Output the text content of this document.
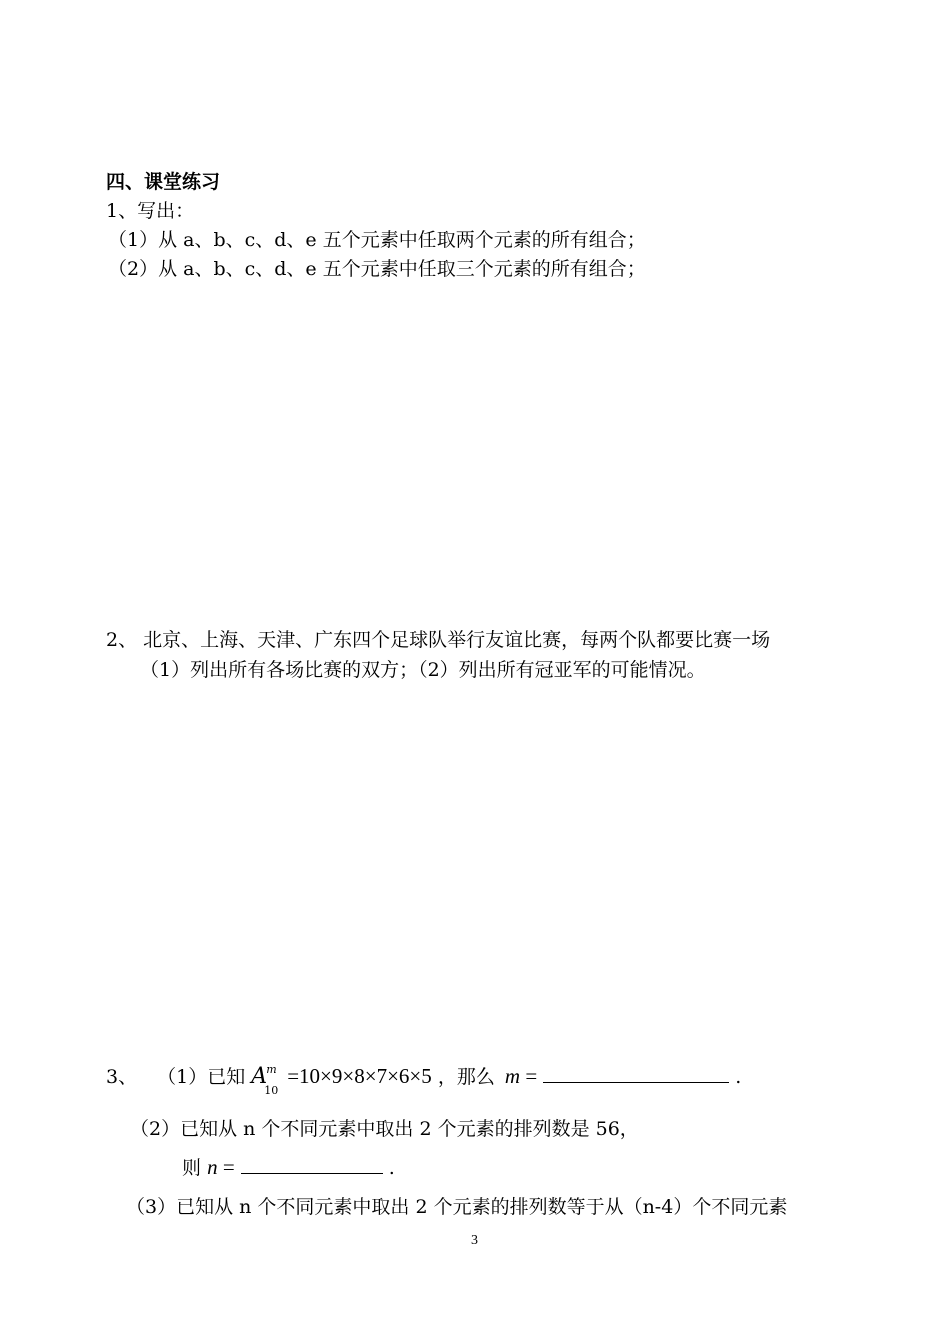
四、课堂练习
1、写出：
（1）从 a、b、c、d、e 五个元素中任取两个元素的所有组合；
（2）从 a、b、c、d、e 五个元素中任取三个元素的所有组合；
2、 北京、上海、天津、广东四个足球队举行友谊比赛，每两个队都要比赛一场
（1）列出所有各场比赛的双方；（2）列出所有冠亚军的可能情况。
3、 （1）已知 A m
10
=10×9×8×7×6×5 ，那么 m =	.
（2）已知从 n 个不同元素中取出 2 个元素的排列数是 56，
则 n =	.
（3）已知从 n 个不同元素中取出 2 个元素的排列数等于从（n-4）个不同元素
3
